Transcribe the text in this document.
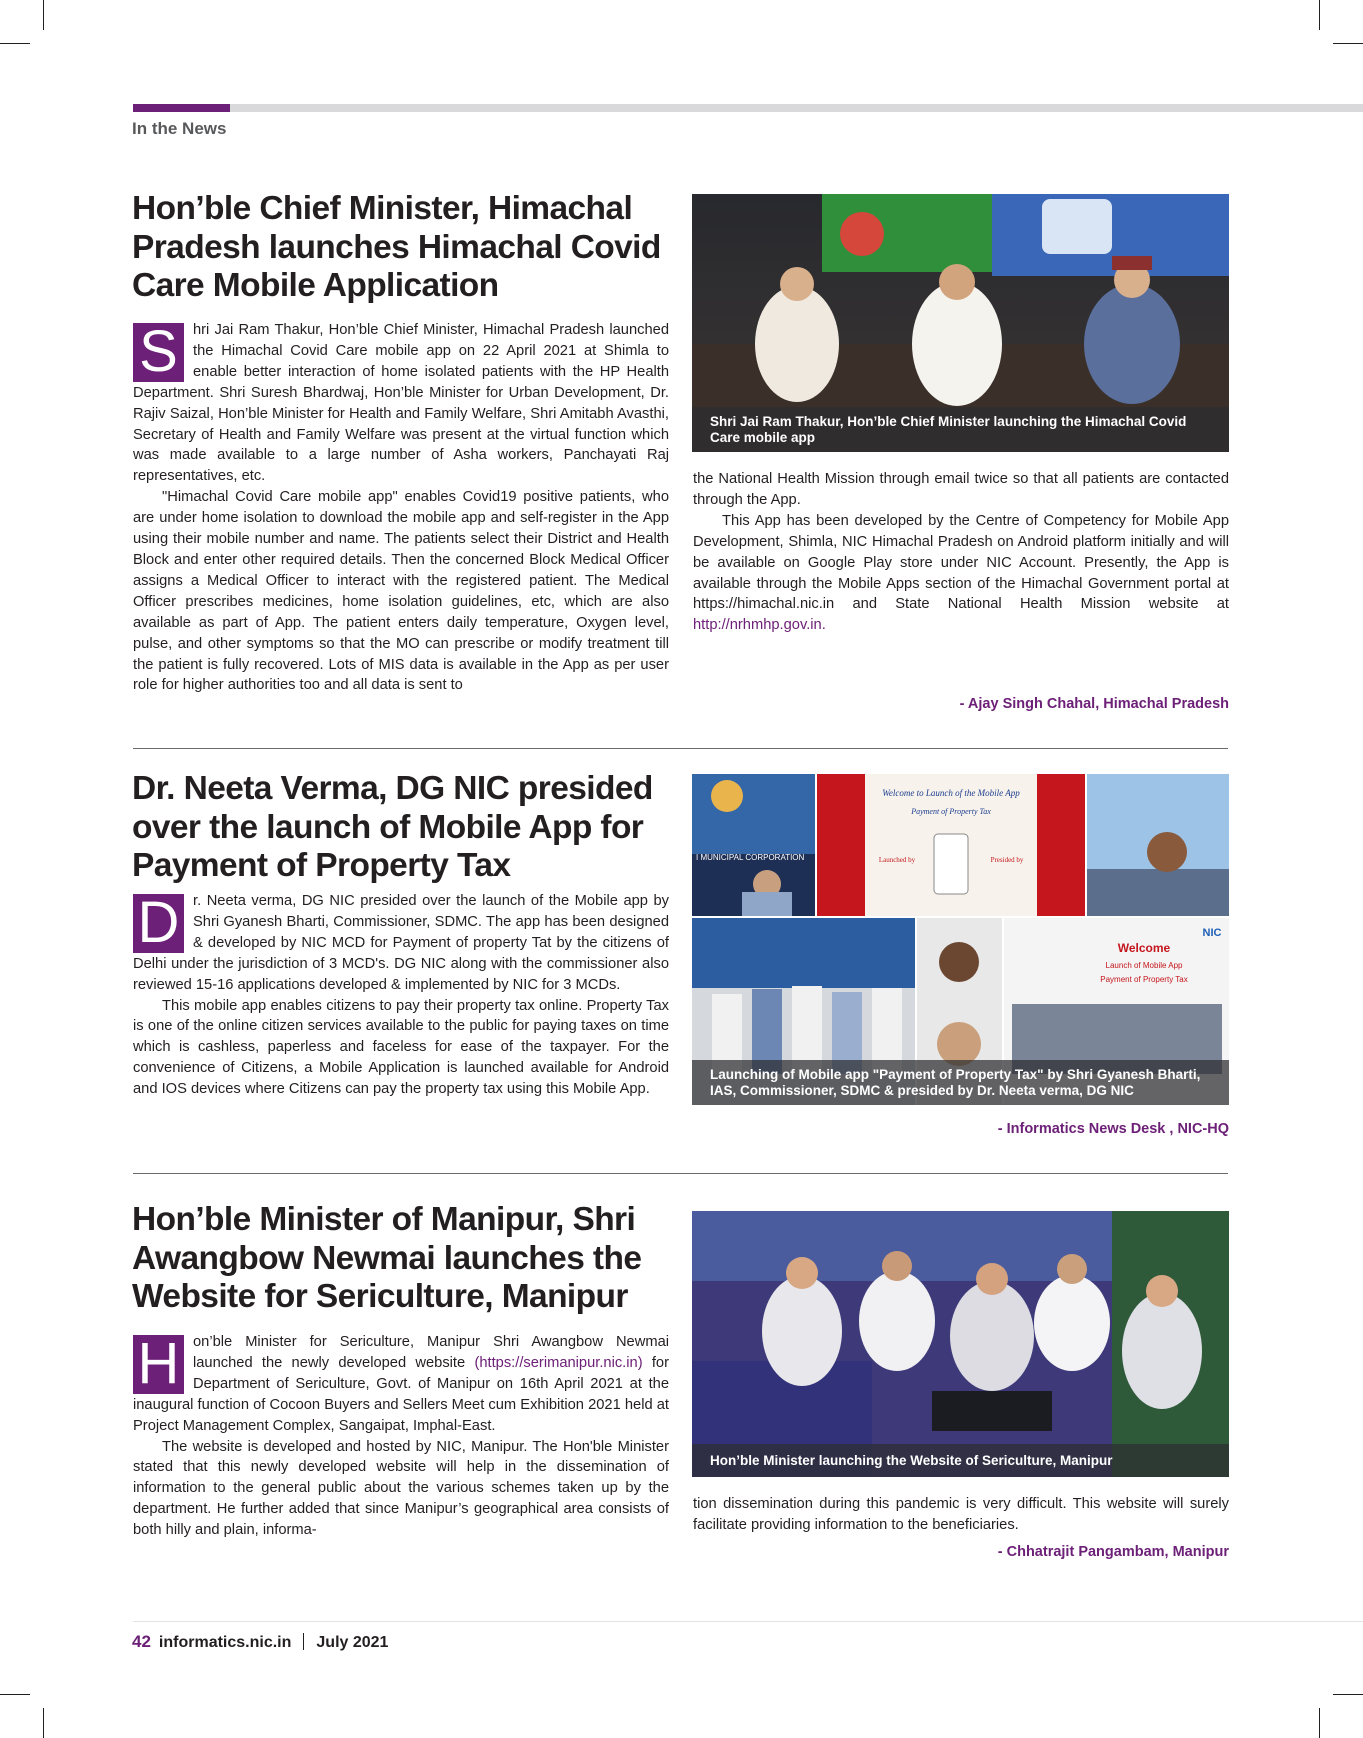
In the News
Hon’ble Chief Minister, Himachal Pradesh launches Himachal Covid Care Mobile Application

S	hri Jai Ram Thakur, Hon’ble Chief Minister, Himachal Pradesh launched the Himachal Covid Care mobile app on 22 April 2021 at Shimla to enable better interaction of home isolated patients with the HP Health Department. Shri Suresh Bhardwaj, Hon’ble Minister for Urban Development, Dr. Rajiv Saizal, Hon’ble Minister for Health and Family Welfare, Shri Amitabh Avasthi, Secretary of Health and Family Welfare was present at the virtual function which was made available to a large number of Asha workers, Panchayati Raj representatives, etc.

"Himachal Covid Care mobile app" enables Covid19 positive patients, who are under home isolation to download the mobile app and self-register in the App using their mobile number and name. The patients select their District and Health Block and enter other required details. Then the concerned Block Medical Officer assigns a Medical Officer to interact with the registered patient. The Medical Officer prescribes medicines, home isolation guidelines, etc, which are also available as part of App. The patient enters daily temperature, Oxygen level, pulse, and other symptoms so that the MO can prescribe or modify treatment till the patient is fully recovered. Lots of MIS data is available in the App as per user role for higher authorities too and all data is sent to

Shri Jai Ram Thakur, Hon’ble Chief Minister launching the Himachal Covid Care mobile app

the National Health Mission through email twice so that all patients are contacted through the App.

This App has been developed by the Centre of Competency for Mobile App Development, Shimla, NIC Himachal Pradesh on Android platform initially and will be available on Google Play store under NIC Account. Presently, the App is available through the Mobile Apps section of the Himachal Government portal at https://himachal.nic.in and State National Health Mission website at http://nrhmhp.gov.in.

- Ajay Singh Chahal, Himachal Pradesh
Dr. Neeta Verma, DG NIC presided over the launch of Mobile App for Payment of Property Tax

D r. Neeta verma, DG NIC presided over the launch of the Mobile app by Shri Gyanesh Bharti, Commissioner, SDMC. The app has been designed & developed by NIC MCD for Payment of property Tat by the citizens of Delhi under the jurisdiction of 3 MCD's. DG NIC along with the commissioner also reviewed 15-16 applications developed & implemented by NIC for 3 MCDs.

This mobile app enables citizens to pay their property tax online. Property Tax is one of the online citizen services available to the public for paying taxes on time which is cashless, paperless and faceless for ease of the taxpayer. For the convenience of Citizens, a Mobile Application is launched available for Android and IOS devices where Citizens can pay the property tax using this Mobile App.

I MUNICIPAL CORPORATION
Welcome to Launch of the Mobile App
Payment of Property Tax
Launched by	Presided by
Welcome
Launch of Mobile App
Payment of Property Tax
NIC
Launching of Mobile app "Payment of Property Tax" by Shri Gyanesh Bharti, IAS, Commissioner, SDMC & presided by Dr. Neeta verma, DG NIC
- Informatics News Desk , NIC-HQ
Hon’ble Minister of Manipur, Shri Awangbow Newmai launches the Website for Sericulture, Manipur

H on’ble Minister for Sericulture, Manipur Shri Awangbow Newmai launched the newly developed website (https://serimanipur.nic.in) for Department of Sericulture, Govt. of Manipur on 16th April 2021 at the inaugural function of Cocoon Buyers and Sellers Meet cum Exhibition 2021 held at Project Management Complex, Sangaipat, Imphal-East.

The website is developed and hosted by NIC, Manipur. The Hon'ble Minister stated that this newly developed website will help in the dissemination of information to the general public about the various schemes taken up by the department. He further added that since Manipur’s geographical area consists of both hilly and plain, informa-

Hon’ble Minister launching the Website of Sericulture, Manipur

tion dissemination during this pandemic is very difficult. This website will surely facilitate providing information to the beneficiaries.

- Chhatrajit Pangambam, Manipur
42 informatics.nic.in July 2021
